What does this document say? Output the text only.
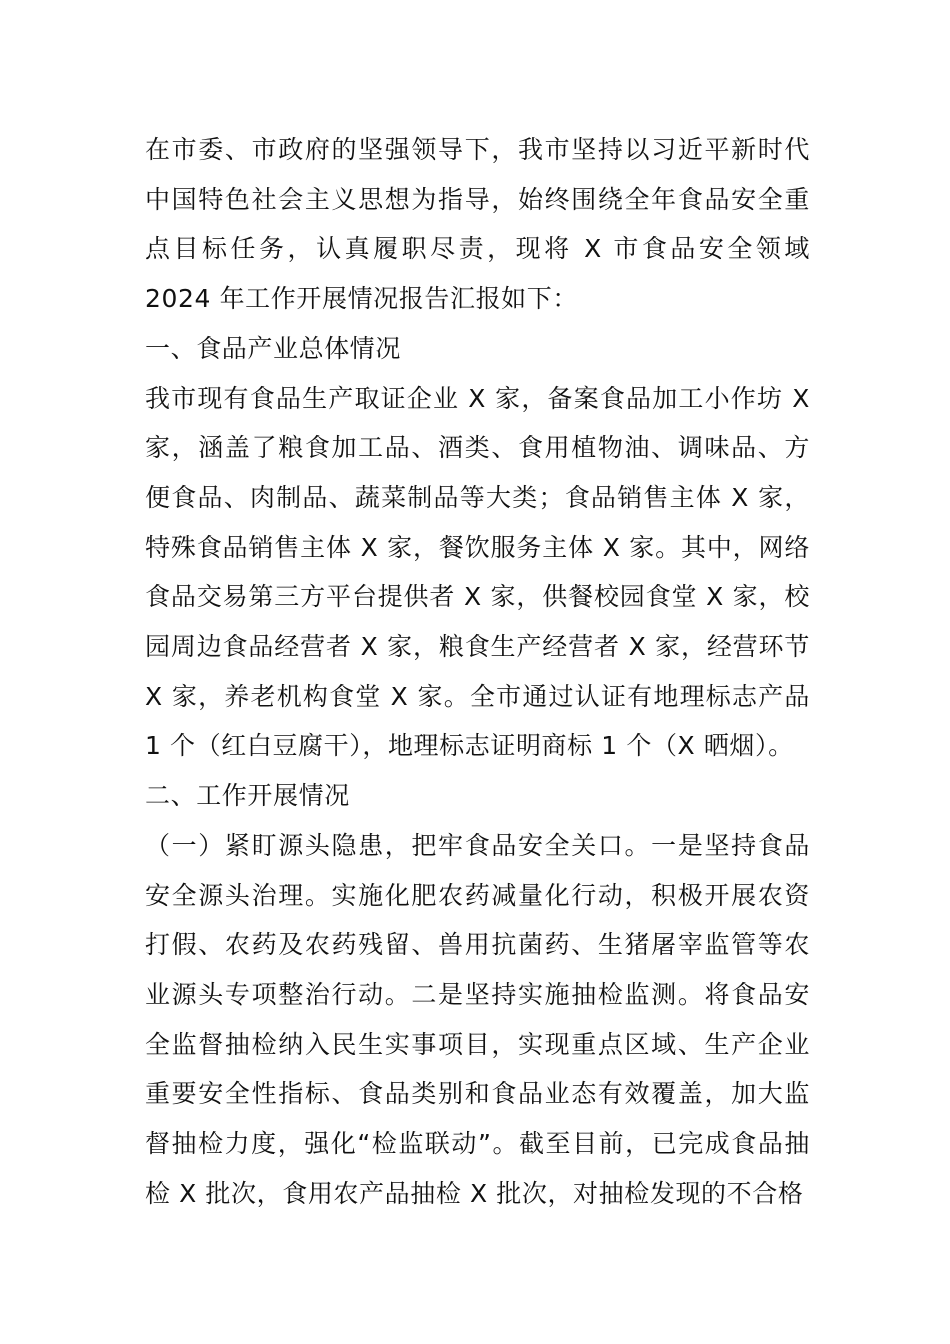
在市委、市政府的坚强领导下，我市坚持以习近平新时代中国特色社会主义思想为指导，始终围绕全年食品安全重点目标任务，认真履职尽责，现将 X 市食品安全领域 2024 年工作开展情况报告汇报如下：

一、食品产业总体情况

我市现有食品生产取证企业 X 家，备案食品加工小作坊 X 家，涵盖了粮食加工品、酒类、食用植物油、调味品、方便食品、肉制品、蔬菜制品等大类；食品销售主体 X 家，特殊食品销售主体 X 家，餐饮服务主体 X 家。其中，网络食品交易第三方平台提供者 X 家，供餐校园食堂 X 家，校园周边食品经营者 X 家，粮食生产经营者 X 家，经营环节 X 家，养老机构食堂 X 家。全市通过认证有地理标志产品 1 个（红白豆腐干），地理标志证明商标 1 个（X 晒烟）。

二、工作开展情况

（一）紧盯源头隐患，把牢食品安全关口。一是坚持食品安全源头治理。实施化肥农药减量化行动，积极开展农资打假、农药及农药残留、兽用抗菌药、生猪屠宰监管等农业源头专项整治行动。二是坚持实施抽检监测。将食品安全监督抽检纳入民生实事项目，实现重点区域、生产企业重要安全性指标、食品类别和食品业态有效覆盖，加大监督抽检力度，强化“检监联动”。截至目前，已完成食品抽检 X 批次，食用农产品抽检 X 批次，对抽检发现的不合格
